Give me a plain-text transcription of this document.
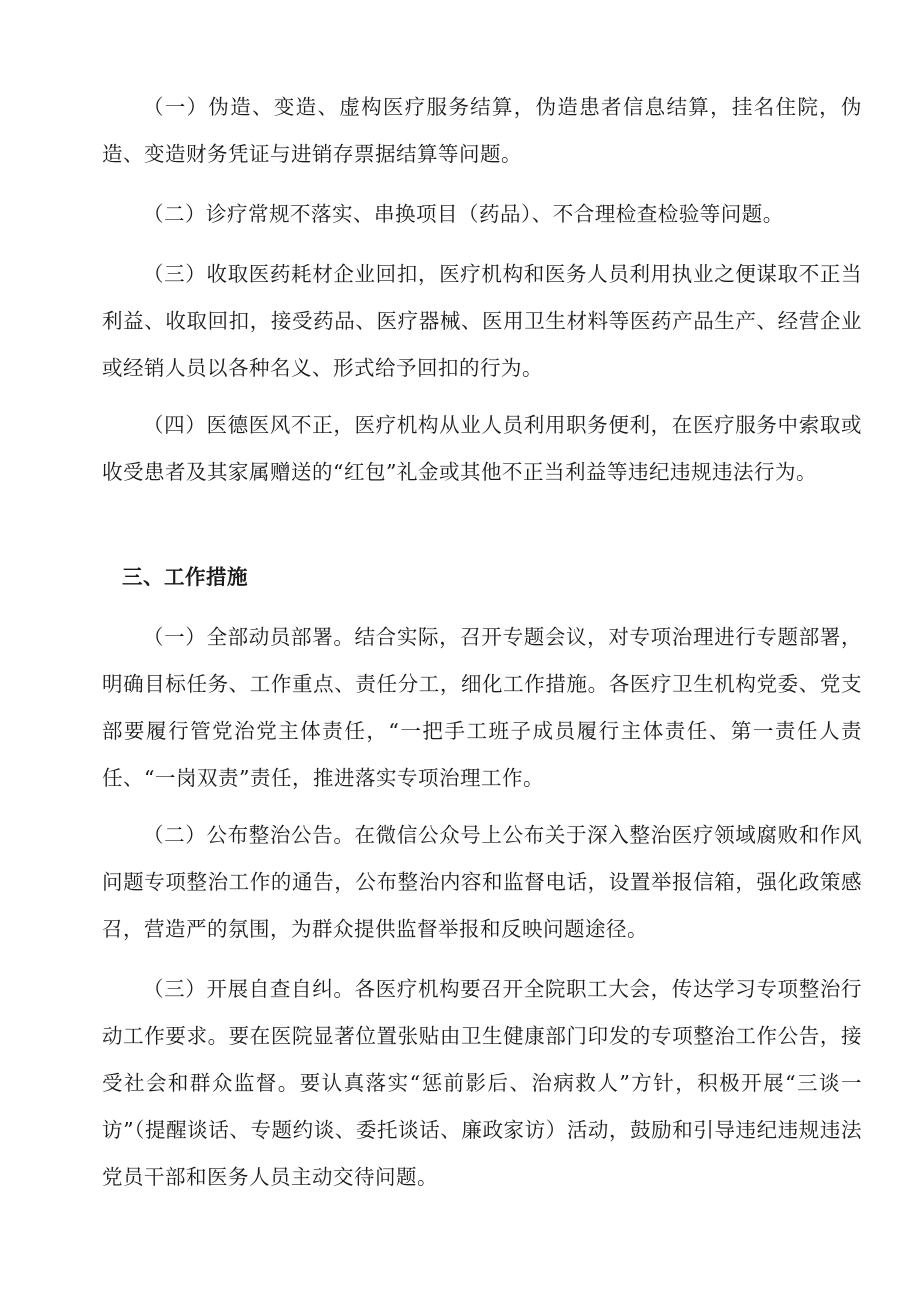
（一）伪造、变造、虚构医疗服务结算，伪造患者信息结算，挂名住院，伪造、变造财务凭证与进销存票据结算等问题。

（二）诊疗常规不落实、串换项目（药品）、不合理检查检验等问题。

（三）收取医药耗材企业回扣，医疗机构和医务人员利用执业之便谋取不正当利益、收取回扣，接受药品、医疗器械、医用卫生材料等医药产品生产、经营企业或经销人员以各种名义、形式给予回扣的行为。

（四）医德医风不正，医疗机构从业人员利用职务便利，在医疗服务中索取或收受患者及其家属赠送的“红包”礼金或其他不正当利益等违纪违规违法行为。

三、工作措施

（一）全部动员部署。结合实际，召开专题会议，对专项治理进行专题部署，明确目标任务、工作重点、责任分工，细化工作措施。各医疗卫生机构党委、党支部要履行管党治党主体责任，“一把手工班子成员履行主体责任、第一责任人责任、“一岗双责”责任，推进落实专项治理工作。

（二）公布整治公告。在微信公众号上公布关于深入整治医疗领域腐败和作风问题专项整治工作的通告，公布整治内容和监督电话，设置举报信箱，强化政策感召，营造严的氛围，为群众提供监督举报和反映问题途径。

（三）开展自查自纠。各医疗机构要召开全院职工大会，传达学习专项整治行动工作要求。要在医院显著位置张贴由卫生健康部门印发的专项整治工作公告，接受社会和群众监督。要认真落实“惩前影后、治病救人”方针，积极开展“三谈一访”（提醒谈话、专题约谈、委托谈话、廉政家访）活动，鼓励和引导违纪违规违法党员干部和医务人员主动交待问题。
